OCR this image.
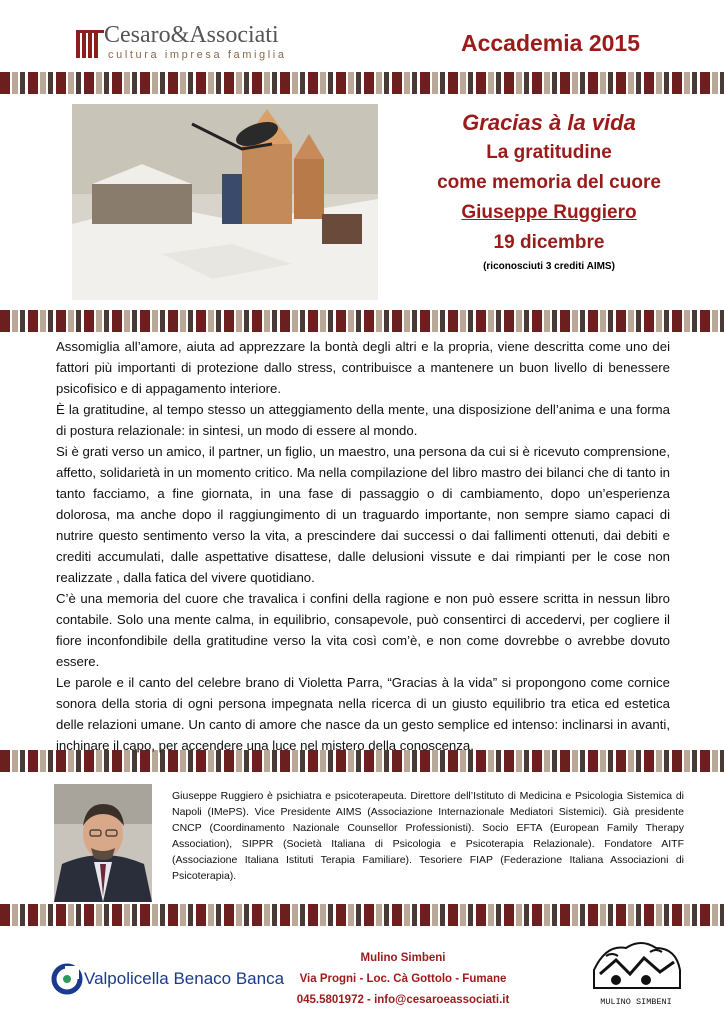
Cesaro&Associati
cultura impresa famiglia	Accademia 2015
Gracias à la vida
La gratitudine
come memoria del cuore
Giuseppe Ruggiero
19 dicembre
(riconosciuti 3 crediti AIMS)

Assomiglia all’amore, aiuta ad apprezzare la bontà degli altri e la propria, viene descritta come uno dei fattori più importanti di protezione dallo stress, contribuisce a mantenere un buon livello di benessere psicofisico e di appagamento interiore.

È la gratitudine, al tempo stesso un atteggiamento della mente, una disposizione dell’anima e una forma di postura relazionale: in sintesi, un modo di essere al mondo.

Si è grati verso un amico, il partner, un figlio, un maestro, una persona da cui si è ricevuto comprensione, affetto, solidarietà in un momento critico. Ma nella compilazione del libro mastro dei bilanci che di tanto in tanto facciamo, a fine giornata, in una fase di passaggio o di cambiamento, dopo un’esperienza dolorosa, ma anche dopo il raggiungimento di un traguardo importante, non sempre siamo capaci di nutrire questo sentimento verso la vita, a prescindere dai successi o dai fallimenti ottenuti, dai debiti e crediti accumulati, dalle aspettative disattese, dalle delusioni vissute e dai rimpianti per le cose non realizzate , dalla fatica del vivere quotidiano.

C’è una memoria del cuore che travalica i confini della ragione e non può essere scritta in nessun libro contabile. Solo una mente calma, in equilibrio, consapevole, può consentirci di accedervi, per cogliere il fiore inconfondibile della gratitudine verso la vita così com’è, e non come dovrebbe o avrebbe dovuto essere.

Le parole e il canto del celebre brano di Violetta Parra, “Gracias à la vida” si propongono come cornice sonora della storia di ogni persona impegnata nella ricerca di un giusto equilibrio tra etica ed estetica delle relazioni umane. Un canto di amore che nasce da un gesto semplice ed intenso: inclinarsi in avanti, inchinare il capo, per accendere una luce nel mistero della conoscenza.

Giuseppe Ruggiero è psichiatra e psicoterapeuta. Direttore dell’Istituto di Medicina e Psicologia Sistemica di Napoli (IMePS). Vice Presidente AIMS (Associazione Internazionale Mediatori Sistemici). Già presidente CNCP (Coordinamento Nazionale Counsellor Professionisti). Socio EFTA (European Family Therapy Association), SIPPR (Società Italiana di Psicologia e Psicoterapia Relazionale). Fondatore AITF (Associazione Italiana Istituti Terapia Familiare). Tesoriere FIAP (Federazione Italiana Associazioni di Psicoterapia).
Valpolicella Benaco Banca
Mulino Simbeni
Via Progni - Loc. Cà Gottolo - Fumane
045.5801972 - info@cesaroeassociati.it	MULINO SIMBENI
